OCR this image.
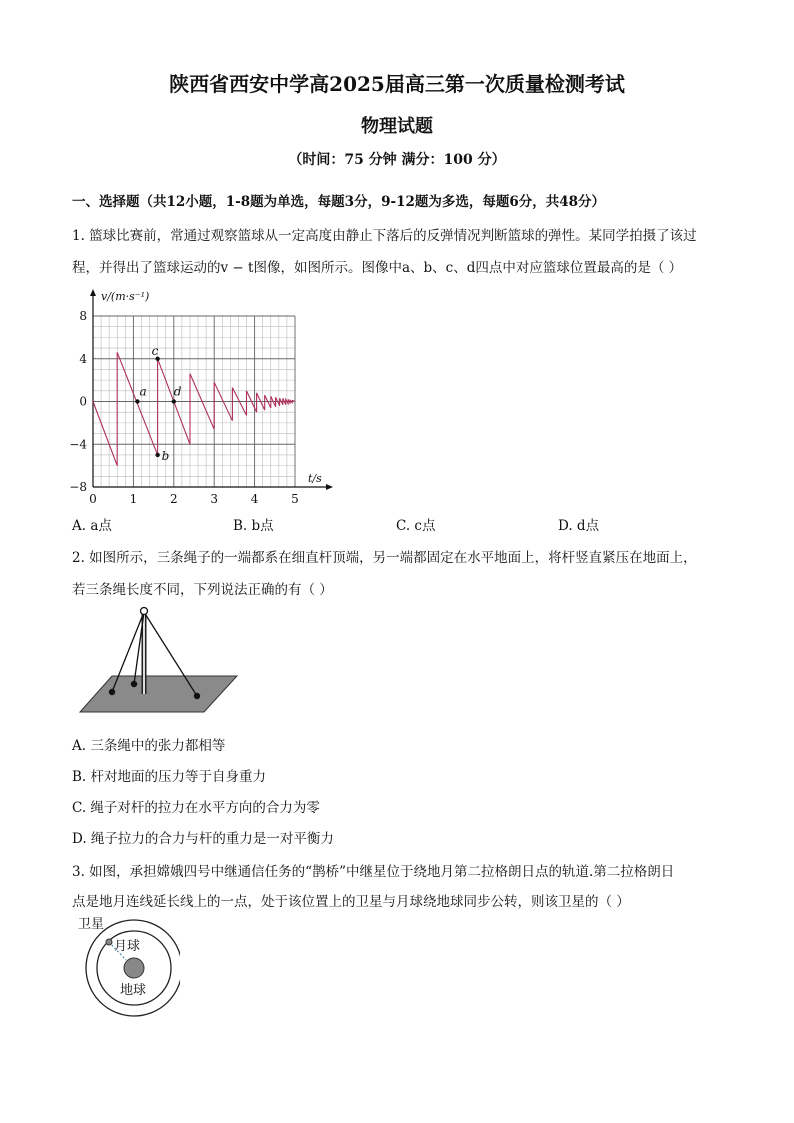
陕西省西安中学高2025届高三第一次质量检测考试
物理试题
（时间：75 分钟 满分：100 分）
一、选择题（共12小题，1-8题为单选，每题3分，9-12题为多选，每题6分，共48分）
1. 篮球比赛前，常通过观察篮球从一定高度由静止下落后的反弹情况判断篮球的弹性。某同学拍摄了该过
程，并得出了篮球运动的v − t图像，如图所示。图像中a、b、c、d四点中对应篮球位置最高的是（ ）
v/(m·s⁻¹)
t/s
0	1	2	3	4	5
8
4
0
−4
−8
a
b
c
d
A. a点	B. b点	C. c点	D. d点
2. 如图所示，三条绳子的一端都系在细直杆顶端，另一端都固定在水平地面上，将杆竖直紧压在地面上，
若三条绳长度不同，下列说法正确的有（ ）
A. 三条绳中的张力都相等
B. 杆对地面的压力等于自身重力
C. 绳子对杆的拉力在水平方向的合力为零
D. 绳子拉力的合力与杆的重力是一对平衡力
3. 如图，承担嫦娥四号中继通信任务的“鹊桥”中继星位于绕地月第二拉格朗日点的轨道.第二拉格朗日
点是地月连线延长线上的一点，处于该位置上的卫星与月球绕地球同步公转，则该卫星的（ ）
卫星
月球
地球
